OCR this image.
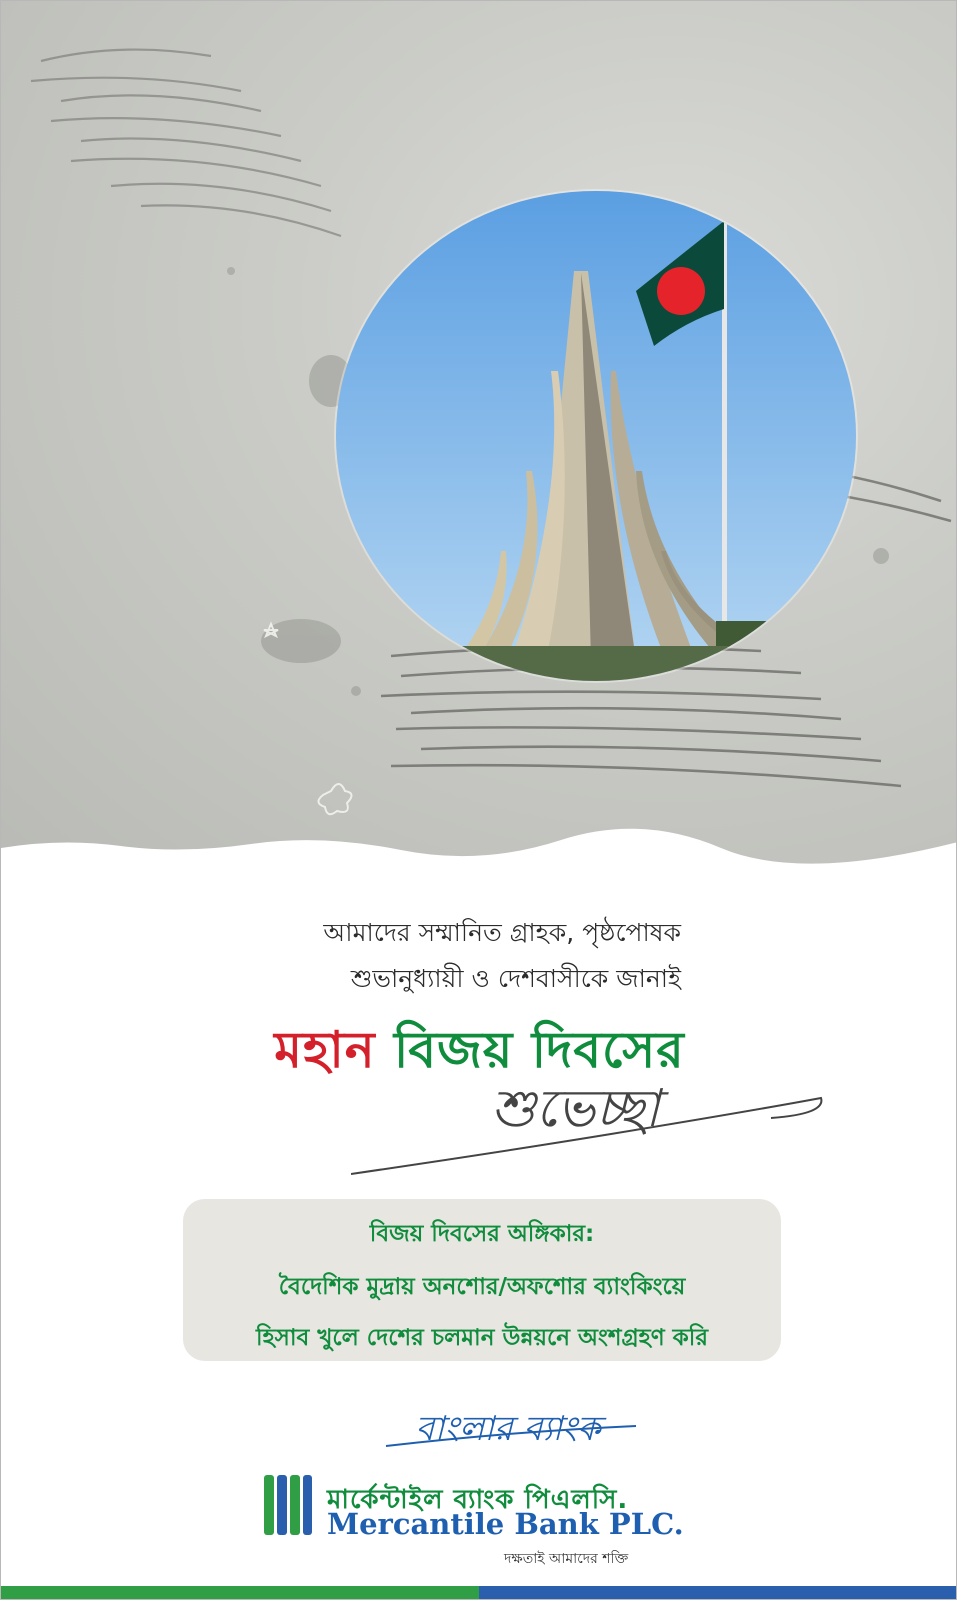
আমাদের সম্মানিত গ্রাহক, পৃষ্ঠপোষক
শুভানুধ্যায়ী ও দেশবাসীকে জানাই
মহান বিজয় দিবসের
শুভেচ্ছা
বিজয় দিবসের অঙ্গিকার:
বৈদেশিক মুদ্রায় অনশোর/অফশোর ব্যাংকিংয়ে
হিসাব খুলে দেশের চলমান উন্নয়নে অংশগ্রহণ করি
বাংলার ব্যাংক
মার্কেন্টাইল ব্যাংক পিএলসি.
Mercantile Bank PLC.
দক্ষতাই আমাদের শক্তি
